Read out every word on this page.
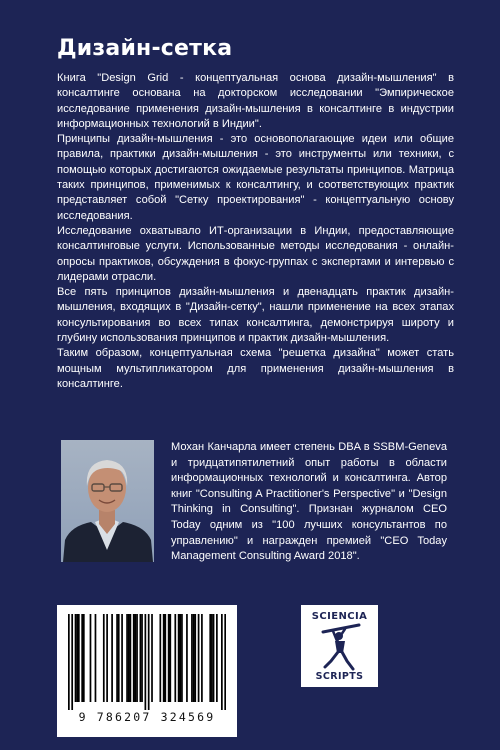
Дизайн-сетка

Книга "Design Grid - концептуальная основа дизайн-мышления" в консалтинге основана на докторском исследовании "Эмпирическое исследование применения дизайн-мышления в консалтинге в индустрии информационных технологий в Индии".

Принципы дизайн-мышления - это основополагающие идеи или общие правила, практики дизайн-мышления - это инструменты или техники, с помощью которых достигаются ожидаемые результаты принципов. Матрица таких принципов, применимых к консалтингу, и соответствующих практик представляет собой "Сетку проектирования" - концептуальную основу исследования.

Исследование охватывало ИТ-организации в Индии, предоставляющие консалтинговые услуги. Использованные методы исследования - онлайн-опросы практиков, обсуждения в фокус-группах с экспертами и интервью с лидерами отрасли.

Все пять принципов дизайн-мышления и двенадцать практик дизайн-мышления, входящих в "Дизайн-сетку", нашли применение на всех этапах консультирования во всех типах консалтинга, демонстрируя широту и глубину использования принципов и практик дизайн-мышления.

Таким образом, концептуальная схема "решетка дизайна" может стать мощным мультипликатором для применения дизайн-мышления в консалтинге.

Мохан Канчарла имеет степень DBA в SSBM-Geneva и тридцатипятилетний опыт работы в области информационных технологий и консалтинга. Автор книг "Consulting A Practitioner's Perspective" и "Design Thinking in Consulting". Признан журналом CEO Today одним из "100 лучших консультантов по управлению" и награжден премией "CEO Today Management Consulting Award 2018".

9 786207 324569
SCIENCIA
SCRIPTS
